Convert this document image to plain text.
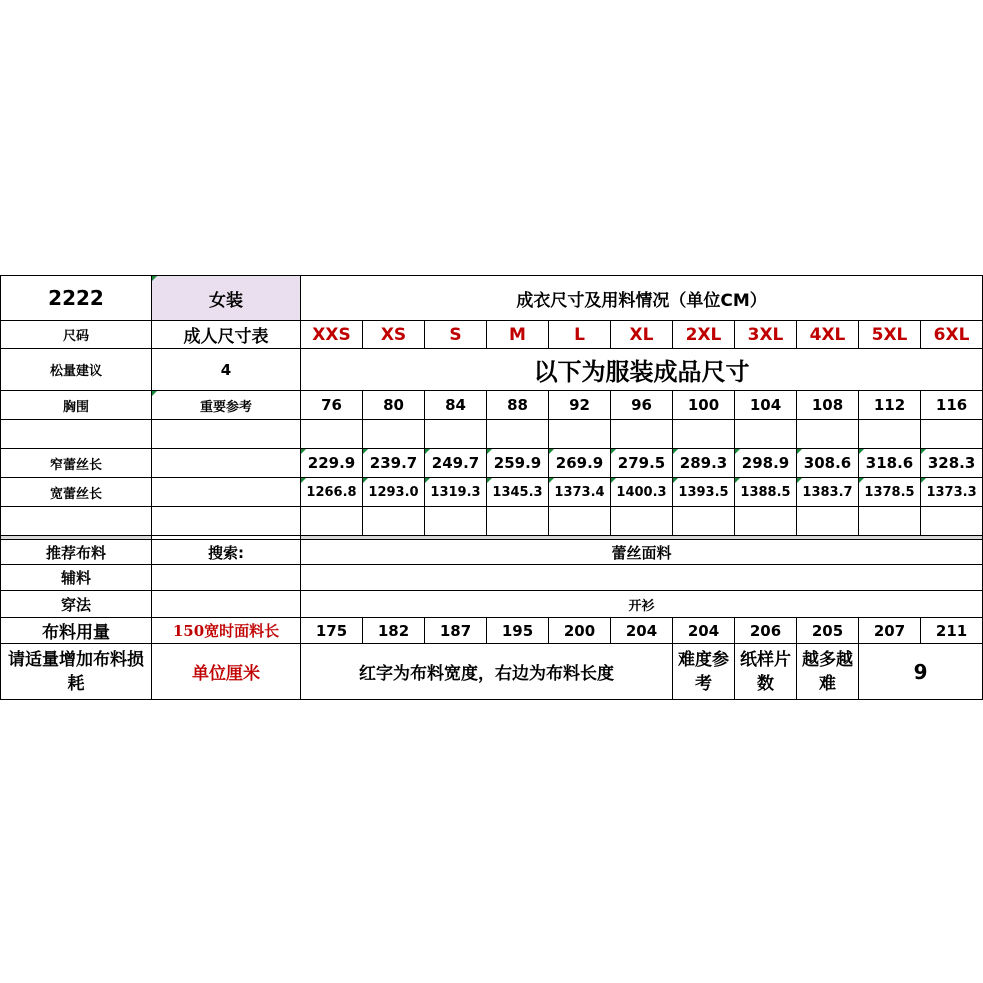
2222	女装	成衣尺寸及用料情况（单位CM）										
尺码	成人尺寸表	XXS	XS	S	M	L	XL	2XL	3XL	4XL	5XL	6XL
松量建议	4	以下为服装成品尺寸										
胸围	重要参考	76	80	84	88	92	96	100	104	108	112	116

窄蕾丝长		229.9	239.7	249.7	259.9	269.9	279.5	289.3	298.9	308.6	318.6	328.3
宽蕾丝长		1266.8	1293.0	1319.3	1345.3	1373.4	1400.3	1393.5	1388.5	1383.7	1378.5	1373.3

推荐布料	搜索:	蕾丝面料										
辅料												
穿法		开衫										
布料用量	150宽时面料长	175	182	187	195	200	204	204	206	205	207	211
请适量增加布料损耗	单位厘米	红字为布料宽度，右边为布料长度						难度参考	纸样片数	越多越难	9	
